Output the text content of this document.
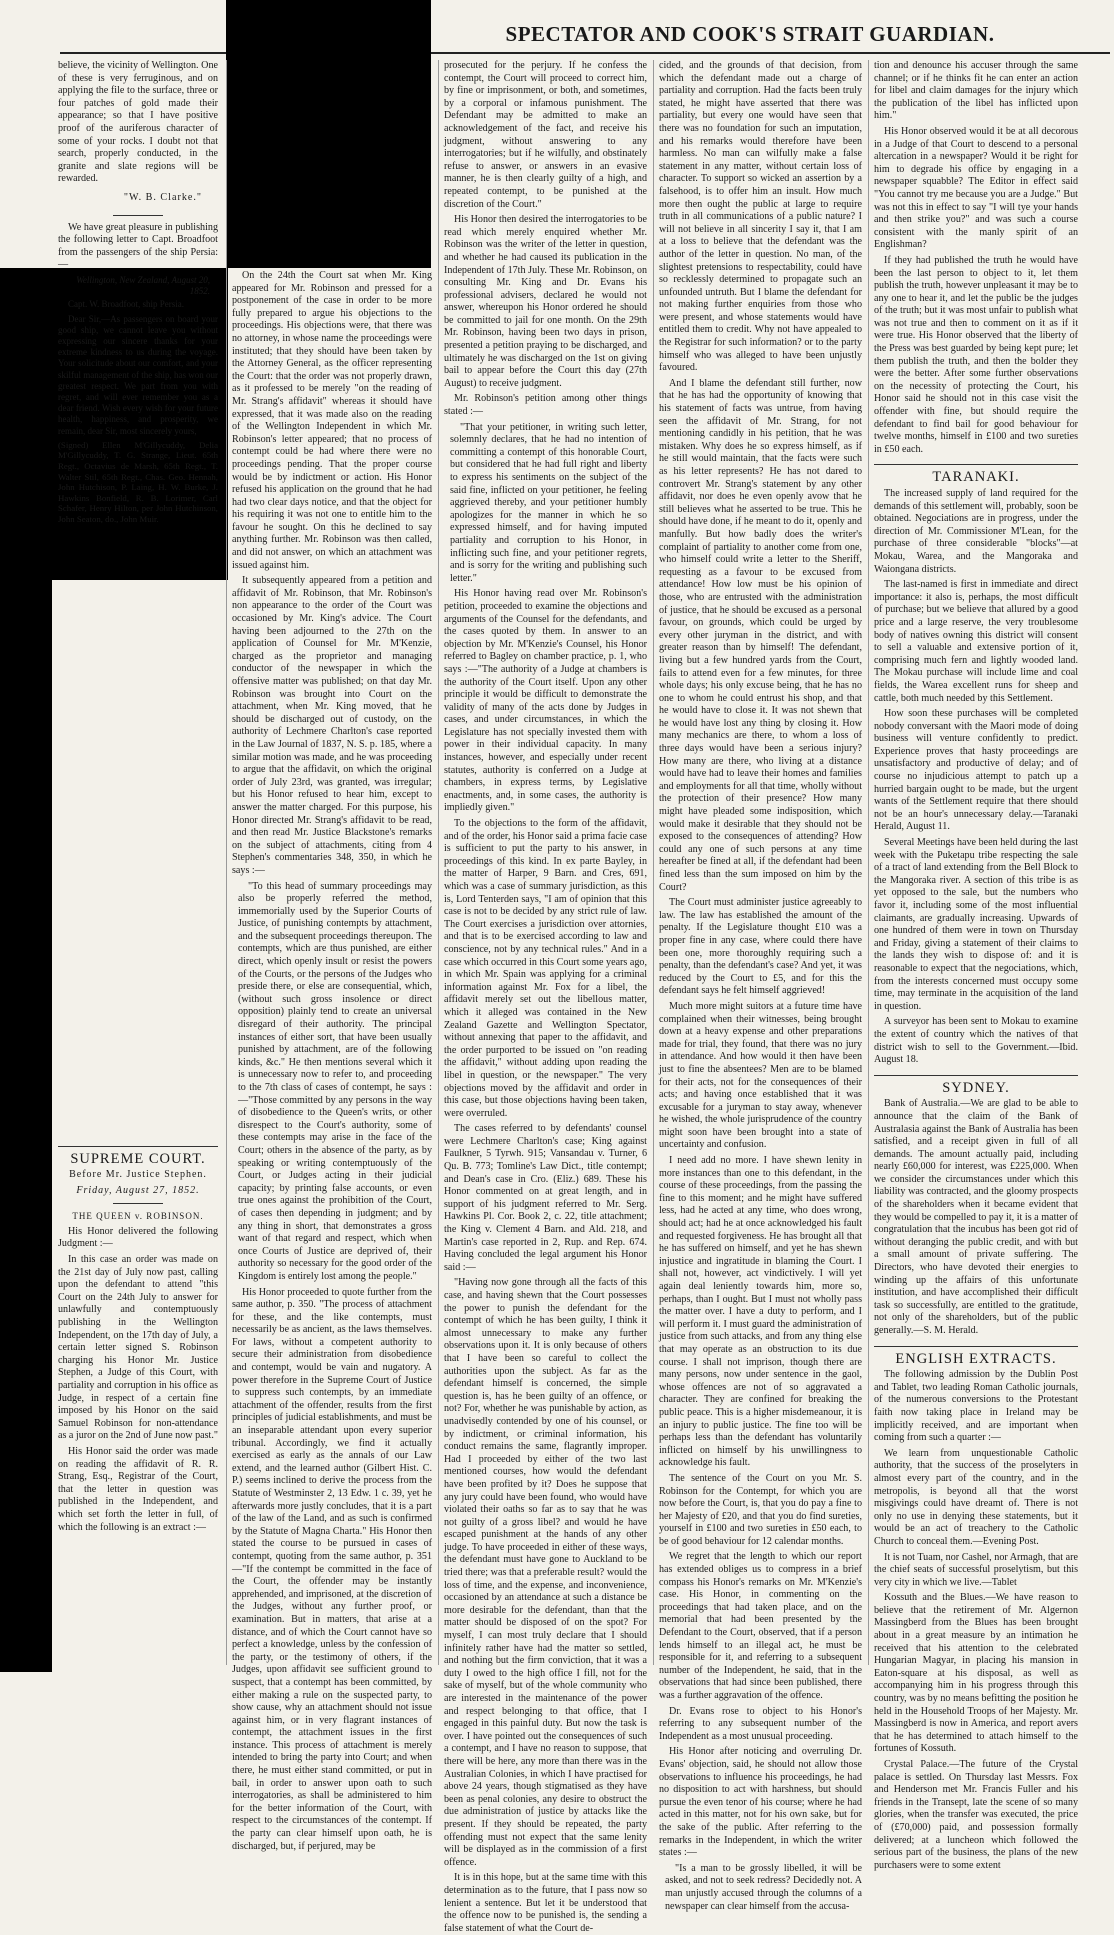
SPECTATOR AND COOK'S STRAIT GUARDIAN.

believe, the vicinity of Wellington. One of these is very ferruginous, and on applying the file to the surface, three or four patches of gold made their appearance; so that I have positive proof of the auriferous character of some of your rocks. I doubt not that search, properly conducted, in the granite and slate regions will be rewarded.

"W. B. Clarke."

We have great pleasure in publishing the following letter to Capt. Broadfoot from the passengers of the ship Persia:—

Wellington, New Zealand, August 20, 1852.

Capt. W. Broadfoot, ship Persia.

Dear Sir,—As passengers on board your good ship, we cannot leave you without expressing our sincere thanks for your extreme kindness to us during the voyage. Your solicitude about our comfort, and your skilful management of the ship, has won our greatest respect. We part from you with regret, and will ever remember you as a dear friend. Wish every wish for your future health, happiness, and prosperity, we remain, dear Sir, most sincerely yours,

(Signed) Ellen M'Gillycuddy, Delia M'Gillycuddy, T. G. Strange, Lieut. 65th Regt., Octavius de Marsh, 65th Regt., T. Walter Stil, 65th Regt., Chas. Geo. Hennah, John Hutchison, P. Laing, H. W. Burke, J. Hawkins Bonfield, R. B. Lorimer, Carl Schafer, Henry Hilton, per John Hutchinson, John Seaton, do., John Muir.

SUPREME COURT.

Before Mr. Justice Stephen.

Friday, August 27, 1852.

THE QUEEN v. ROBINSON.

His Honor delivered the following Judgment :—

In this case an order was made on the 21st day of July now past, calling upon the defendant to attend "this Court on the 24th July to answer for unlawfully and contemptuously publishing in the Wellington Independent, on the 17th day of July, a certain letter signed S. Robinson charging his Honor Mr. Justice Stephen, a Judge of this Court, with partiality and corruption in his office as Judge, in respect of a certain fine imposed by his Honor on the said Samuel Robinson for non-attendance as a juror on the 2nd of June now past."

His Honor said the order was made on reading the affidavit of R. R. Strang, Esq., Registrar of the Court, that the letter in question was published in the Independent, and which set forth the letter in full, of which the following is an extract :—

On the 24th the Court sat when Mr. King appeared for Mr. Robinson and pressed for a postponement of the case in order to be more fully prepared to argue his objections to the proceedings. His objections were, that there was no attorney, in whose name the proceedings were instituted; that they should have been taken by the Attorney General, as the officer representing the Court: that the order was not properly drawn, as it professed to be merely "on the reading of Mr. Strang's affidavit" whereas it should have expressed, that it was made also on the reading of the Wellington Independent in which Mr. Robinson's letter appeared; that no process of contempt could be had where there were no proceedings pending. That the proper course would be by indictment or action. His Honor refused his application on the ground that he had had two clear days notice, and that the object for his requiring it was not one to entitle him to the favour he sought. On this he declined to say anything further. Mr. Robinson was then called, and did not answer, on which an attachment was issued against him.

It subsequently appeared from a petition and affidavit of Mr. Robinson, that Mr. Robinson's non appearance to the order of the Court was occasioned by Mr. King's advice. The Court having been adjourned to the 27th on the application of Counsel for Mr. M'Kenzie, charged as the proprietor and managing conductor of the newspaper in which the offensive matter was published; on that day Mr. Robinson was brought into Court on the attachment, when Mr. King moved, that he should be discharged out of custody, on the authority of Lechmere Charlton's case reported in the Law Journal of 1837, N. S. p. 185, where a similar motion was made, and he was proceeding to argue that the affidavit, on which the original order of July 23rd, was granted, was irregular; but his Honor refused to hear him, except to answer the matter charged. For this purpose, his Honor directed Mr. Strang's affidavit to be read, and then read Mr. Justice Blackstone's remarks on the subject of attachments, citing from 4 Stephen's commentaries 348, 350, in which he says :—

"To this head of summary proceedings may also be properly referred the method, immemorially used by the Superior Courts of Justice, of punishing contempts by attachment, and the subsequent proceedings thereupon. The contempts, which are thus punished, are either direct, which openly insult or resist the powers of the Courts, or the persons of the Judges who preside there, or else are consequential, which, (without such gross insolence or direct opposition) plainly tend to create an universal disregard of their authority. The principal instances of either sort, that have been usually punished by attachment, are of the following kinds, &c." He then mentions several which it is unnecessary now to refer to, and proceeding to the 7th class of cases of contempt, he says :—"Those committed by any persons in the way of disobedience to the Queen's writs, or other disrespect to the Court's authority, some of these contempts may arise in the face of the Court; others in the absence of the party, as by speaking or writing contemptuously of the Court, or Judges acting in their judicial capacity; by printing false accounts, or even true ones against the prohibition of the Court, of cases then depending in judgment; and by any thing in short, that demonstrates a gross want of that regard and respect, which when once Courts of Justice are deprived of, their authority so necessary for the good order of the Kingdom is entirely lost among the people."

His Honor proceeded to quote further from the same author, p. 350. "The process of attachment for these, and the like contempts, must necessarily be as ancient, as the laws themselves. For laws, without a competent authority to secure their administration from disobedience and contempt, would be vain and nugatory. A power therefore in the Supreme Court of Justice to suppress such contempts, by an immediate attachment of the offender, results from the first principles of judicial establishments, and must be an inseparable attendant upon every superior tribunal. Accordingly, we find it actually exercised as early as the annals of our Law extend, and the learned author (Gilbert Hist. C. P.) seems inclined to derive the process from the Statute of Westminster 2, 13 Edw. 1 c. 39, yet he afterwards more justly concludes, that it is a part of the law of the Land, and as such is confirmed by the Statute of Magna Charta." His Honor then stated the course to be pursued in cases of contempt, quoting from the same author, p. 351—"If the contempt be committed in the face of the Court, the offender may be instantly apprehended, and imprisoned, at the discretion of the Judges, without any further proof, or examination. But in matters, that arise at a distance, and of which the Court cannot have so perfect a knowledge, unless by the confession of the party, or the testimony of others, if the Judges, upon affidavit see sufficient ground to suspect, that a contempt has been committed, by either making a rule on the suspected party, to show cause, why an attachment should not issue against him, or in very flagrant instances of contempt, the attachment issues in the first instance. This process of attachment is merely intended to bring the party into Court; and when there, he must either stand committed, or put in bail, in order to answer upon oath to such interrogatories, as shall be administered to him for the better information of the Court, with respect to the circumstances of the contempt. If the party can clear himself upon oath, he is discharged, but, if perjured, may be

prosecuted for the perjury. If he confess the contempt, the Court will proceed to correct him, by fine or imprisonment, or both, and sometimes, by a corporal or infamous punishment. The Defendant may be admitted to make an acknowledgement of the fact, and receive his judgment, without answering to any interrogatories; but if he wilfully, and obstinately refuse to answer, or answers in an evasive manner, he is then clearly guilty of a high, and repeated contempt, to be punished at the discretion of the Court."

His Honor then desired the interrogatories to be read which merely enquired whether Mr. Robinson was the writer of the letter in question, and whether he had caused its publication in the Independent of 17th July. These Mr. Robinson, on consulting Mr. King and Dr. Evans his professional advisers, declared he would not answer, whereupon his Honor ordered he should be committed to jail for one month. On the 29th Mr. Robinson, having been two days in prison, presented a petition praying to be discharged, and ultimately he was discharged on the 1st on giving bail to appear before the Court this day (27th August) to receive judgment.

Mr. Robinson's petition among other things stated :—

"That your petitioner, in writing such letter, solemnly declares, that he had no intention of committing a contempt of this honorable Court, but considered that he had full right and liberty to express his sentiments on the subject of the said fine, inflicted on your petitioner, he feeling aggrieved thereby, and your petitioner humbly apologizes for the manner in which he so expressed himself, and for having imputed partiality and corruption to his Honor, in inflicting such fine, and your petitioner regrets, and is sorry for the writing and publishing such letter."

His Honor having read over Mr. Robinson's petition, proceeded to examine the objections and arguments of the Counsel for the defendants, and the cases quoted by them. In answer to an objection by Mr. M'Kenzie's Counsel, his Honor referred to Bagley on chamber practice, p. 1, who says :—"The authority of a Judge at chambers is the authority of the Court itself. Upon any other principle it would be difficult to demonstrate the validity of many of the acts done by Judges in cases, and under circumstances, in which the Legislature has not specially invested them with power in their individual capacity. In many instances, however, and especially under recent statutes, authority is conferred on a Judge at chambers, in express terms, by Legislative enactments, and, in some cases, the authority is impliedly given."

To the objections to the form of the affidavit, and of the order, his Honor said a prima facie case is sufficient to put the party to his answer, in proceedings of this kind. In ex parte Bayley, in the matter of Harper, 9 Barn. and Cres, 691, which was a case of summary jurisdiction, as this is, Lord Tenterden says, "I am of opinion that this case is not to be decided by any strict rule of law. The Court exercises a jurisdiction over attornies, and that is to be exercised according to law and conscience, not by any technical rules." And in a case which occurred in this Court some years ago, in which Mr. Spain was applying for a criminal information against Mr. Fox for a libel, the affidavit merely set out the libellous matter, which it alleged was contained in the New Zealand Gazette and Wellington Spectator, without annexing that paper to the affidavit, and the order purported to be issued on "on reading the affidavit," without adding upon reading the libel in question, or the newspaper." The very objections moved by the affidavit and order in this case, but those objections having been taken, were overruled.

The cases referred to by defendants' counsel were Lechmere Charlton's case; King against Faulkner, 5 Tyrwh. 915; Vansandau v. Turner, 6 Qu. B. 773; Tomline's Law Dict., title contempt; and Dean's case in Cro. (Eliz.) 689. These his Honor commented on at great length, and in support of his judgment referred to Mr. Serg. Hawkins Pl. Cor. Book 2, c. 22, title attachment; the King v. Clement 4 Barn. and Ald. 218, and Martin's case reported in 2, Rup. and Rep. 674. Having concluded the legal argument his Honor said :—

"Having now gone through all the facts of this case, and having shewn that the Court possesses the power to punish the defendant for the contempt of which he has been guilty, I think it almost unnecessary to make any further observations upon it. It is only because of others that I have been so careful to collect the authorities upon the subject. As far as the defendant himself is concerned, the simple question is, has he been guilty of an offence, or not? For, whether he was punishable by action, as unadvisedly contended by one of his counsel, or by indictment, or criminal information, his conduct remains the same, flagrantly improper. Had I proceeded by either of the two last mentioned courses, how would the defendant have been profited by it? Does he suppose that any jury could have been found, who would have violated their oaths so far as to say that he was not guilty of a gross libel? and would he have escaped punishment at the hands of any other judge. To have proceeded in either of these ways, the defendant must have gone to Auckland to be tried there; was that a preferable result? would the loss of time, and the expense, and inconvenience, occasioned by an attendance at such a distance be more desirable for the defendant, than that the matter should be disposed of on the spot? For myself, I can most truly declare that I should infinitely rather have had the matter so settled, and nothing but the firm conviction, that it was a duty I owed to the high office I fill, not for the sake of myself, but of the whole community who are interested in the maintenance of the power and respect belonging to that office, that I engaged in this painful duty. But now the task is over. I have pointed out the consequences of such a contempt, and I have no reason to suppose, that there will be here, any more than there was in the Australian Colonies, in which I have practised for above 24 years, though stigmatised as they have been as penal colonies, any desire to obstruct the due administration of justice by attacks like the present. If they should be repeated, the party offending must not expect that the same lenity will be displayed as in the commission of a first offence.

It is in this hope, but at the same time with this determination as to the future, that I pass now so lenient a sentence. But let it be understood that the offence now to be punished is, the sending a false statement of what the Court de-

cided, and the grounds of that decision, from which the defendant made out a charge of partiality and corruption. Had the facts been truly stated, he might have asserted that there was partiality, but every one would have seen that there was no foundation for such an imputation, and his remarks would therefore have been harmless. No man can wilfully make a false statement in any matter, without certain loss of character. To support so wicked an assertion by a falsehood, is to offer him an insult. How much more then ought the public at large to require truth in all communications of a public nature? I will not believe in all sincerity I say it, that I am at a loss to believe that the defendant was the author of the letter in question. No man, of the slightest pretensions to respectability, could have so recklessly determined to propagate such an unfounded untruth. But I blame the defendant for not making further enquiries from those who were present, and whose statements would have entitled them to credit. Why not have appealed to the Registrar for such information? or to the party himself who was alleged to have been unjustly favoured.

And I blame the defendant still further, now that he has had the opportunity of knowing that his statement of facts was untrue, from having seen the affidavit of Mr. Strang, for not mentioning candidly in his petition, that he was mistaken. Why does he so express himself, as if he still would maintain, that the facts were such as his letter represents? He has not dared to controvert Mr. Strang's statement by any other affidavit, nor does he even openly avow that he still believes what he asserted to be true. This he should have done, if he meant to do it, openly and manfully. But how badly does the writer's complaint of partiality to another come from one, who himself could write a letter to the Sheriff, requesting as a favour to be excused from attendance! How low must be his opinion of those, who are entrusted with the administration of justice, that he should be excused as a personal favour, on grounds, which could be urged by every other juryman in the district, and with greater reason than by himself! The defendant, living but a few hundred yards from the Court, fails to attend even for a few minutes, for three whole days; his only excuse being, that he has no one to whom he could entrust his shop, and that he would have to close it. It was not shewn that he would have lost any thing by closing it. How many mechanics are there, to whom a loss of three days would have been a serious injury? How many are there, who living at a distance would have had to leave their homes and families and employments for all that time, wholly without the protection of their presence? How many might have pleaded some indisposition, which would make it desirable that they should not be exposed to the consequences of attending? How could any one of such persons at any time hereafter be fined at all, if the defendant had been fined less than the sum imposed on him by the Court?

The Court must administer justice agreeably to law. The law has established the amount of the penalty. If the Legislature thought £10 was a proper fine in any case, where could there have been one, more thoroughly requiring such a penalty, than the defendant's case? And yet, it was reduced by the Court to £5, and for this the defendant says he felt himself aggrieved!

Much more might suitors at a future time have complained when their witnesses, being brought down at a heavy expense and other preparations made for trial, they found, that there was no jury in attendance. And how would it then have been just to fine the absentees? Men are to be blamed for their acts, not for the consequences of their acts; and having once established that it was excusable for a juryman to stay away, whenever he wished, the whole jurisprudence of the country might soon have been brought into a state of uncertainty and confusion.

I need add no more. I have shewn lenity in more instances than one to this defendant, in the course of these proceedings, from the passing the fine to this moment; and he might have suffered less, had he acted at any time, who does wrong, should act; had he at once acknowledged his fault and requested forgiveness. He has brought all that he has suffered on himself, and yet he has shewn injustice and ingratitude in blaming the Court. I shall not, however, act vindictively. I will yet again deal leniently towards him, more so, perhaps, than I ought. But I must not wholly pass the matter over. I have a duty to perform, and I will perform it. I must guard the administration of justice from such attacks, and from any thing else that may operate as an obstruction to its due course. I shall not imprison, though there are many persons, now under sentence in the gaol, whose offences are not of so aggravated a character. They are confined for breaking the public peace. This is a higher misdemeanour, it is an injury to public justice. The fine too will be perhaps less than the defendant has voluntarily inflicted on himself by his unwillingness to acknowledge his fault.

The sentence of the Court on you Mr. S. Robinson for the Contempt, for which you are now before the Court, is, that you do pay a fine to her Majesty of £20, and that you do find sureties, yourself in £100 and two sureties in £50 each, to be of good behaviour for 12 calendar months.

We regret that the length to which our report has extended obliges us to compress in a brief compass his Honor's remarks on Mr. M'Kenzie's case. His Honor, in commenting on the proceedings that had taken place, and on the memorial that had been presented by the Defendant to the Court, observed, that if a person lends himself to an illegal act, he must be responsible for it, and referring to a subsequent number of the Independent, he said, that in the observations that had since been published, there was a further aggravation of the offence.

Dr. Evans rose to object to his Honor's referring to any subsequent number of the Independent as a most unusual proceeding.

His Honor after noticing and overruling Dr. Evans' objection, said, he should not allow those observations to influence his proceedings, he had no disposition to act with harshness, but should pursue the even tenor of his course; where he had acted in this matter, not for his own sake, but for the sake of the public. After referring to the remarks in the Independent, in which the writer states :—

"Is a man to be grossly libelled, it will be asked, and not to seek redress? Decidedly not. A man unjustly accused through the columns of a newspaper can clear himself from the accusa-

tion and denounce his accuser through the same channel; or if he thinks fit he can enter an action for libel and claim damages for the injury which the publication of the libel has inflicted upon him."

His Honor observed would it be at all decorous in a Judge of that Court to descend to a personal altercation in a newspaper? Would it be right for him to degrade his office by engaging in a newspaper squabble? The Editor in effect said "You cannot try me because you are a Judge." But was not this in effect to say "I will tye your hands and then strike you?" and was such a course consistent with the manly spirit of an Englishman?

If they had published the truth he would have been the last person to object to it, let them publish the truth, however unpleasant it may be to any one to hear it, and let the public be the judges of the truth; but it was most unfair to publish what was not true and then to comment on it as if it were true. His Honor observed that the liberty of the Press was best guarded by being kept pure; let them publish the truth, and then the bolder they were the better. After some further observations on the necessity of protecting the Court, his Honor said he should not in this case visit the offender with fine, but should require the defendant to find bail for good behaviour for twelve months, himself in £100 and two sureties in £50 each.

TARANAKI.

The increased supply of land required for the demands of this settlement will, probably, soon be obtained. Negociations are in progress, under the direction of Mr. Commissioner M'Lean, for the purchase of three considerable "blocks"—at Mokau, Warea, and the Mangoraka and Waiongana districts.

The last-named is first in immediate and direct importance: it also is, perhaps, the most difficult of purchase; but we believe that allured by a good price and a large reserve, the very troublesome body of natives owning this district will consent to sell a valuable and extensive portion of it, comprising much fern and lightly wooded land. The Mokau purchase will include lime and coal fields, the Warea excellent runs for sheep and cattle, both much needed by this Settlement.

How soon these purchases will be completed nobody conversant with the Maori mode of doing business will venture confidently to predict. Experience proves that hasty proceedings are unsatisfactory and productive of delay; and of course no injudicious attempt to patch up a hurried bargain ought to be made, but the urgent wants of the Settlement require that there should not be an hour's unnecessary delay.—Taranaki Herald, August 11.

Several Meetings have been held during the last week with the Puketapu tribe respecting the sale of a tract of land extending from the Bell Block to the Mangoraka river. A section of this tribe is as yet opposed to the sale, but the numbers who favor it, including some of the most influential claimants, are gradually increasing. Upwards of one hundred of them were in town on Thursday and Friday, giving a statement of their claims to the lands they wish to dispose of: and it is reasonable to expect that the negociations, which, from the interests concerned must occupy some time, may terminate in the acquisition of the land in question.

A surveyor has been sent to Mokau to examine the extent of country which the natives of that district wish to sell to the Government.—Ibid. August 18.

SYDNEY.

Bank of Australia.—We are glad to be able to announce that the claim of the Bank of Australasia against the Bank of Australia has been satisfied, and a receipt given in full of all demands. The amount actually paid, including nearly £60,000 for interest, was £225,000. When we consider the circumstances under which this liability was contracted, and the gloomy prospects of the shareholders when it became evident that they would be compelled to pay it, it is a matter of congratulation that the incubus has been got rid of without deranging the public credit, and with but a small amount of private suffering. The Directors, who have devoted their energies to winding up the affairs of this unfortunate institution, and have accomplished their difficult task so successfully, are entitled to the gratitude, not only of the shareholders, but of the public generally.—S. M. Herald.

ENGLISH EXTRACTS.

The following admission by the Dublin Post and Tablet, two leading Roman Catholic journals, of the numerous conversions to the Protestant faith now taking place in Ireland may be implicitly received, and are important when coming from such a quarter :—

We learn from unquestionable Catholic authority, that the success of the proselyters in almost every part of the country, and in the metropolis, is beyond all that the worst misgivings could have dreamt of. There is not only no use in denying these statements, but it would be an act of treachery to the Catholic Church to conceal them.—Evening Post.

It is not Tuam, nor Cashel, nor Armagh, that are the chief seats of successful proselytism, but this very city in which we live.—Tablet

Kossuth and the Blues.—We have reason to believe that the retirement of Mr. Algernon Massingberd from the Blues has been brought about in a great measure by an intimation he received that his attention to the celebrated Hungarian Magyar, in placing his mansion in Eaton-square at his disposal, as well as accompanying him in his progress through this country, was by no means befitting the position he held in the Household Troops of her Majesty. Mr. Massingberd is now in America, and report avers that he has determined to attach himself to the fortunes of Kossuth.

Crystal Palace.—The future of the Crystal palace is settled. On Thursday last Messrs. Fox and Henderson met Mr. Francis Fuller and his friends in the Transept, late the scene of so many glories, when the transfer was executed, the price of (£70,000) paid, and possession formally delivered; at a luncheon which followed the serious part of the business, the plans of the new purchasers were to some extent
